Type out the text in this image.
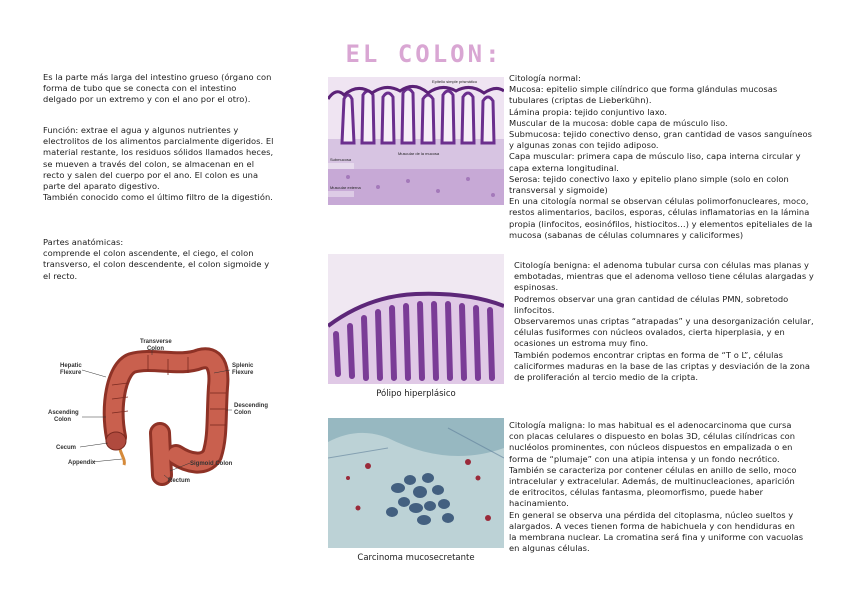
EL COLON:
Es la parte más larga del intestino grueso (órgano con
forma de tubo que se conecta con el intestino
delgado por un extremo y con el ano por el otro).
Función: extrae el agua y algunos nutrientes y
electrolitos de los alimentos parcialmente digeridos. El
material restante, los residuos sólidos llamados heces,
se mueven a través del colon, se almacenan en el
recto y salen del cuerpo por el ano. El colon es una
parte del aparato digestivo.
También conocido como el último filtro de la digestión.
Partes anatómicas:
comprende el colon ascendente, el ciego, el colon
transverso, el colon descendente, el colon sigmoide y
el recto.
Transverse
Colon
Hepatic
Flexure
Splenic
Flexure
Ascending
Colon
Descending
Colon
Cecum
Appendix	Sigmoid Colon
Rectum
Epitelio simple prismático
Submucosa
Muscular externa
Muscular de la mucosa
Pólipo hiperplásico
Carcinoma mucosecretante
Citología normal:
Mucosa: epitelio simple cilíndrico que forma glándulas mucosas
tubulares (criptas de Lieberkühn).
Lámina propia: tejido conjuntivo laxo.
Muscular de la mucosa: doble capa de músculo liso.
Submucosa: tejido conectivo denso, gran cantidad de vasos sanguíneos
y algunas zonas con tejido adiposo.
Capa muscular: primera capa de músculo liso, capa interna circular y
capa externa longitudinal.
Serosa: tejido conectivo laxo y epitelio plano simple (solo en colon
transversal y sigmoide)
En una citología normal se observan células polimorfonucleares, moco,
restos alimentarios, bacilos, esporas, células inflamatorias en la lámina
propia (linfocitos, eosinófilos, histiocitos…) y elementos epiteliales de la
mucosa (sabanas de células columnares y caliciformes)
Citología benigna: el adenoma tubular cursa con células mas planas y
embotadas, mientras que el adenoma velloso tiene células alargadas y
espinosas.
Podremos observar una gran cantidad de células PMN, sobretodo
linfocitos.
Observaremos unas criptas “atrapadas” y una desorganización celular,
células fusiformes con núcleos ovalados, cierta hiperplasia, y en
ocasiones un estroma muy fino.
También podemos encontrar criptas en forma de “T o L”, células
caliciformes maduras en la base de las criptas y desviación de la zona
de proliferación al tercio medio de la cripta.
Citología maligna: lo mas habitual es el adenocarcinoma que cursa
con placas celulares o dispuesto en bolas 3D, células cilíndricas con
nucléolos prominentes, con núcleos dispuestos en empalizada o en
forma de “plumaje” con una atipia intensa y un fondo necrótico.
También se caracteriza por contener células en anillo de sello, moco
intracelular y extracelular. Además, de multinucleaciones, aparición
de eritrocitos, células fantasma, pleomorfismo, puede haber
hacinamiento.
En general se observa una pérdida del citoplasma, núcleo sueltos y
alargados. A veces tienen forma de habichuela y con hendiduras en
la membrana nuclear. La cromatina será fina y uniforme con vacuolas
en algunas células.
